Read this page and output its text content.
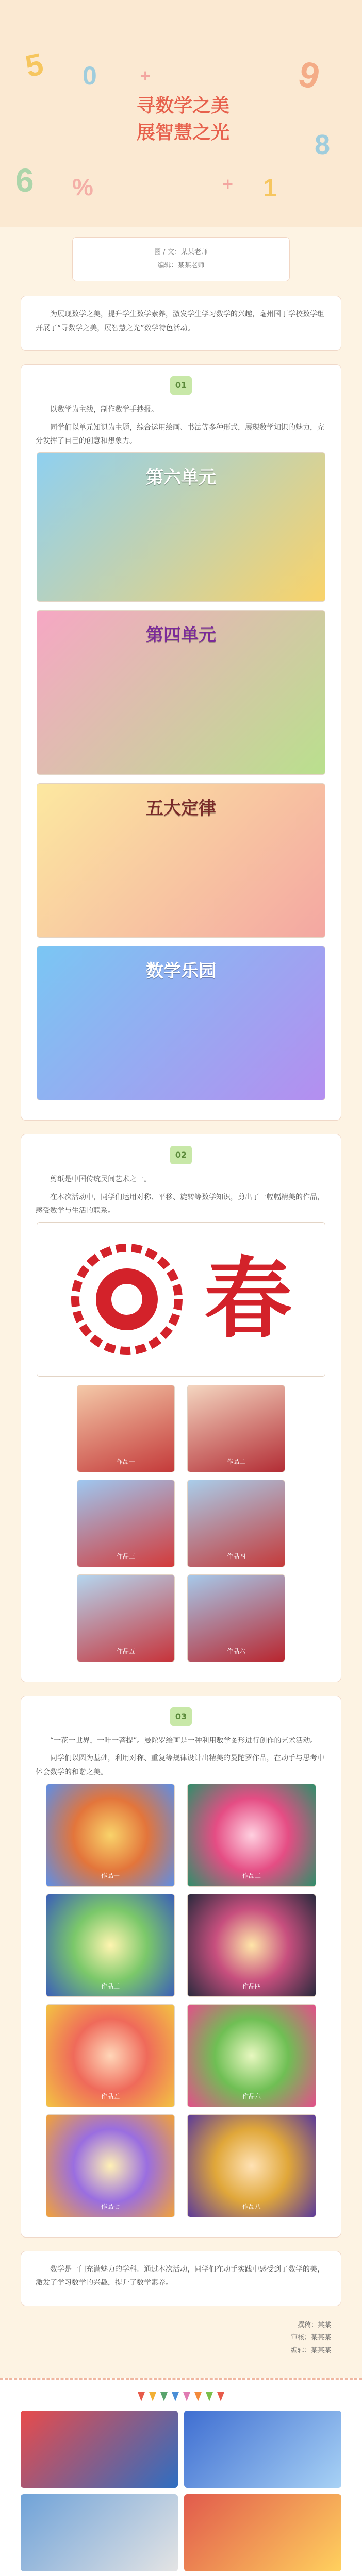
5 0	9
6	1
8
%
+
+
寻数学之美
展智慧之光
图 / 文：某某老师
编辑：某某老师

为展现数学之美，提升学生数学素养，激发学生学习数学的兴趣，毫州国丁学校数学组开展了“寻数学之美，展智慧之光”数学特色活动。

01

以数学为主线，制作数学手抄报。

同学们以单元知识为主题，综合运用绘画、书法等多种形式，展现数学知识的魅力，充分发挥了自己的创意和想象力。

第六单元
第四单元
五大定律
数学乐园
02

剪纸是中国传统民间艺术之一。

在本次活动中，同学们运用对称、平移、旋转等数学知识，剪出了一幅幅精美的作品，感受数学与生活的联系。

春
作品一	作品二
作品三	作品四
作品五	作品六
03

“一花一世界，一叶一菩提”。曼陀罗绘画是一种利用数学图形进行创作的艺术活动。

同学们以圆为基础，利用对称、重复等规律设计出精美的曼陀罗作品，在动手与思考中体会数学的和谐之美。

作品一	作品二
作品三	作品四
作品五	作品六
作品七	作品八

数学是一门充满魅力的学科。通过本次活动，同学们在动手实践中感受到了数学的美，激发了学习数学的兴趣，提升了数学素养。

撰稿：某某
审核：某某某
编辑：某某某
